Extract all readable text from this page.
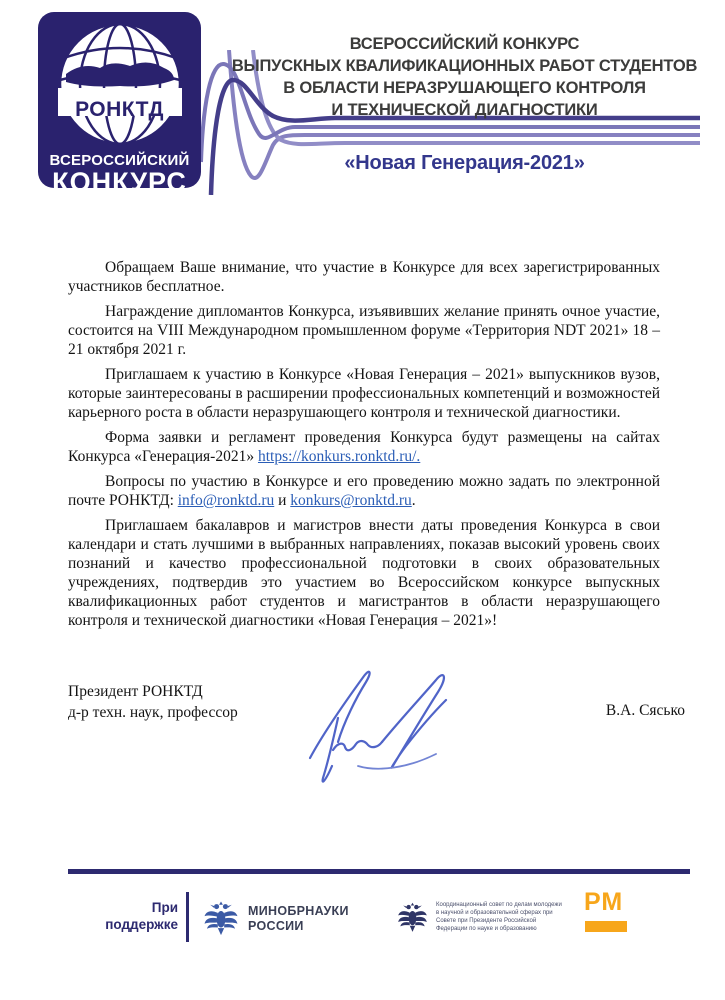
РОНКТД
ВСЕРОССИЙСКИЙ
КОНКУРС
ВСЕРОССИЙСКИЙ КОНКУРС
ВЫПУСКНЫХ КВАЛИФИКАЦИОННЫХ РАБОТ СТУДЕНТОВ
В ОБЛАСТИ НЕРАЗРУШАЮЩЕГО КОНТРОЛЯ
И ТЕХНИЧЕСКОЙ ДИАГНОСТИКИ
«Новая Генерация-2021»

Обращаем Ваше внимание, что участие в Конкурсе для всех зарегистрированных участников бесплатное.

Награждение дипломантов Конкурса, изъявивших желание принять очное участие, состоится на VIII Международном промышленном форуме «Территория NDT 2021» 18 – 21 октября 2021 г.

Приглашаем к участию в Конкурсе «Новая Генерация – 2021» выпускников вузов, которые заинтересованы в расширении профессиональных компетенций и возможностей карьерного роста в области неразрушающего контроля и технической диагностики.

Форма заявки и регламент проведения Конкурса будут размещены на сайтах Конкурса «Генерация-2021» https://konkurs.ronktd.ru/.

Вопросы по участию в Конкурсе и его проведению можно задать по электронной почте РОНКТД: info@ronktd.ru и konkurs@ronktd.ru.

Приглашаем бакалавров и магистров внести даты проведения Конкурса в свои календари и стать лучшими в выбранных направлениях, показав высокий уровень своих познаний и качество профессиональной подготовки в своих образовательных учреждениях, подтвердив это участием во Всероссийском конкурсе выпускных квалификационных работ студентов и магистрантов в области неразрушающего контроля и технической диагностики «Новая Генерация – 2021»!

Президент РОНКТД
д-р техн. наук, профессор	В.А. Сясько
При
поддержке
МИНОБРНАУКИ
РОССИИ
Координационный совет по делам молодежи в научной и образовательной сферах при Совете при Президенте Российской Федерации по науке и образованию
РМ
